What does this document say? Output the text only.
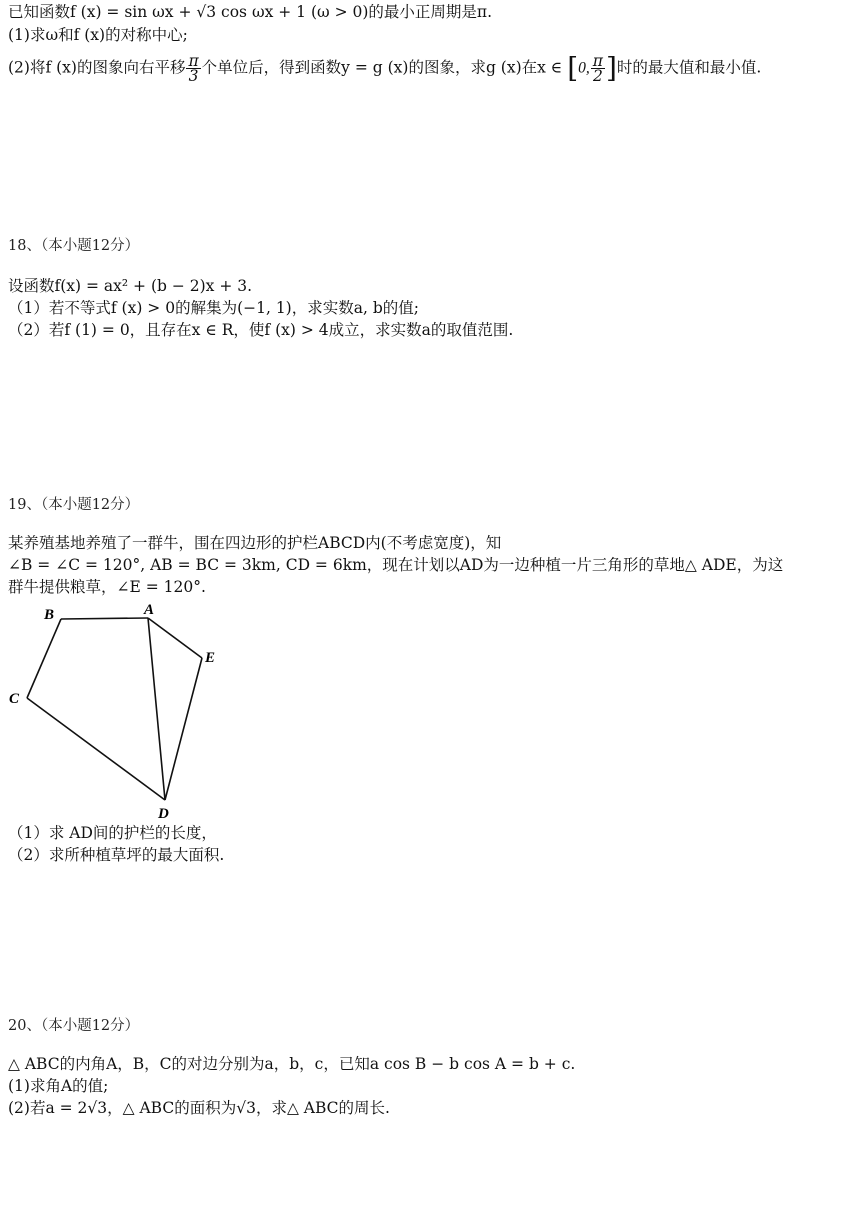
已知函数f (x) = sin ωx + √3 cos ωx + 1 (ω > 0)的最小正周期是π.
(1)求ω和f (x)的对称中心;
(2)将f (x)的图象向右平移 $\frac{\pi}{3}$ 个单位后，得到函数y = g (x)的图象，求g (x)在x ∈ [0, $\frac{\pi}{2}$ ]时的最大值和最小值.
18、（本小题12分）
设函数f(x) = ax² + (b − 2)x + 3.
（1）若不等式f (x) > 0的解集为(−1, 1)，求实数a, b的值;
（2）若f (1) = 0，且存在x ∈ R，使f (x) > 4成立，求实数a的取值范围.
19、（本小题12分）
某养殖基地养殖了一群牛，围在四边形的护栏ABCD内(不考虑宽度)，知
∠B = ∠C = 120°, AB = BC = 3km, CD = 6km，现在计划以AD为一边种植一片三角形的草地△ ADE，为这
群牛提供粮草，∠E = 120°.
B	A
E
C
D
（1）求 AD间的护栏的长度，
（2）求所种植草坪的最大面积.
20、（本小题12分）
△ ABC的内角A，B，C的对边分别为a，b，c，已知a cos B − b cos A = b + c.
(1)求角A的值;
(2)若a = 2√3，△ ABC的面积为√3，求△ ABC的周长.
